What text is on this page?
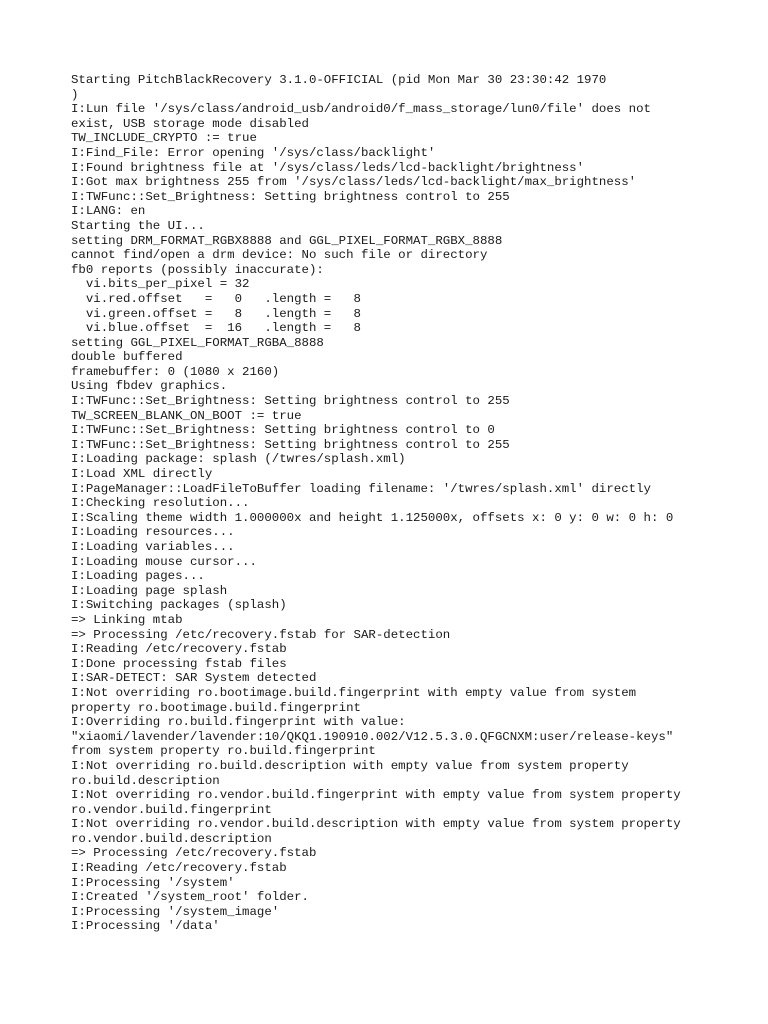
Starting PitchBlackRecovery 3.1.0-OFFICIAL (pid Mon Mar 30 23:30:42 1970
)
I:Lun file '/sys/class/android_usb/android0/f_mass_storage/lun0/file' does not
exist, USB storage mode disabled
TW_INCLUDE_CRYPTO := true
I:Find_File: Error opening '/sys/class/backlight'
I:Found brightness file at '/sys/class/leds/lcd-backlight/brightness'
I:Got max brightness 255 from '/sys/class/leds/lcd-backlight/max_brightness'
I:TWFunc::Set_Brightness: Setting brightness control to 255
I:LANG: en
Starting the UI...
setting DRM_FORMAT_RGBX8888 and GGL_PIXEL_FORMAT_RGBX_8888
cannot find/open a drm device: No such file or directory
fb0 reports (possibly inaccurate):
vi.bits_per_pixel = 32
vi.red.offset   =   0   .length =   8
vi.green.offset =   8   .length =   8
vi.blue.offset  =  16   .length =   8
setting GGL_PIXEL_FORMAT_RGBA_8888
double buffered
framebuffer: 0 (1080 x 2160)
Using fbdev graphics.
I:TWFunc::Set_Brightness: Setting brightness control to 255
TW_SCREEN_BLANK_ON_BOOT := true
I:TWFunc::Set_Brightness: Setting brightness control to 0
I:TWFunc::Set_Brightness: Setting brightness control to 255
I:Loading package: splash (/twres/splash.xml)
I:Load XML directly
I:PageManager::LoadFileToBuffer loading filename: '/twres/splash.xml' directly
I:Checking resolution...
I:Scaling theme width 1.000000x and height 1.125000x, offsets x: 0 y: 0 w: 0 h: 0
I:Loading resources...
I:Loading variables...
I:Loading mouse cursor...
I:Loading pages...
I:Loading page splash
I:Switching packages (splash)
=> Linking mtab
=> Processing /etc/recovery.fstab for SAR-detection
I:Reading /etc/recovery.fstab
I:Done processing fstab files
I:SAR-DETECT: SAR System detected
I:Not overriding ro.bootimage.build.fingerprint with empty value from system
property ro.bootimage.build.fingerprint
I:Overriding ro.build.fingerprint with value:
"xiaomi/lavender/lavender:10/QKQ1.190910.002/V12.5.3.0.QFGCNXM:user/release-keys"
from system property ro.build.fingerprint
I:Not overriding ro.build.description with empty value from system property
ro.build.description
I:Not overriding ro.vendor.build.fingerprint with empty value from system property
ro.vendor.build.fingerprint
I:Not overriding ro.vendor.build.description with empty value from system property
ro.vendor.build.description
=> Processing /etc/recovery.fstab
I:Reading /etc/recovery.fstab
I:Processing '/system'
I:Created '/system_root' folder.
I:Processing '/system_image'
I:Processing '/data'
